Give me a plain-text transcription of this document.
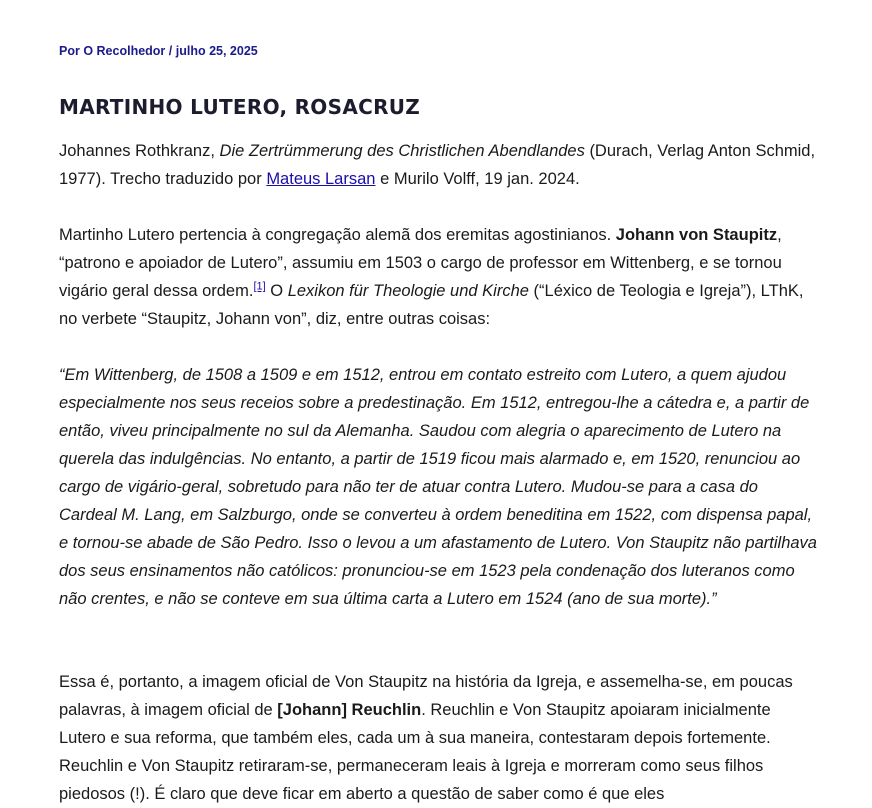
Por O Recolhedor / julho 25, 2025
MARTINHO LUTERO, ROSACRUZ

Johannes Rothkranz, Die Zertrümmerung des Christlichen Abendlandes (Durach, Verlag Anton Schmid, 1977). Trecho traduzido por Mateus Larsan e Murilo Volff, 19 jan. 2024.

Martinho Lutero pertencia à congregação alemã dos eremitas agostinianos. Johann von Staupitz, “patrono e apoiador de Lutero”, assumiu em 1503 o cargo de professor em Wittenberg, e se tornou vigário geral dessa ordem.[1] O Lexikon für Theologie und Kirche (“Léxico de Teologia e Igreja”), LThK, no verbete “Staupitz, Johann von”, diz, entre outras coisas:

“Em Wittenberg, de 1508 a 1509 e em 1512, entrou em contato estreito com Lutero, a quem ajudou especialmente nos seus receios sobre a predestinação. Em 1512, entregou-lhe a cátedra e, a partir de então, viveu principalmente no sul da Alemanha. Saudou com alegria o aparecimento de Lutero na querela das indulgências. No entanto, a partir de 1519 ficou mais alarmado e, em 1520, renunciou ao cargo de vigário-geral, sobretudo para não ter de atuar contra Lutero. Mudou-se para a casa do Cardeal M. Lang, em Salzburgo, onde se converteu à ordem beneditina em 1522, com dispensa papal, e tornou-se abade de São Pedro. Isso o levou a um afastamento de Lutero. Von Staupitz não partilhava dos seus ensinamentos não católicos: pronunciou-se em 1523 pela condenação dos luteranos como não crentes, e não se conteve em sua última carta a Lutero em 1524 (ano de sua morte).”

Essa é, portanto, a imagem oficial de Von Staupitz na história da Igreja, e assemelha-se, em poucas palavras, à imagem oficial de [Johann] Reuchlin. Reuchlin e Von Staupitz apoiaram inicialmente Lutero e sua reforma, que também eles, cada um à sua maneira, contestaram depois fortemente. Reuchlin e Von Staupitz retiraram-se, permaneceram leais à Igreja e morreram como seus filhos piedosos (!). É claro que deve ficar em aberto a questão de saber como é que eles
